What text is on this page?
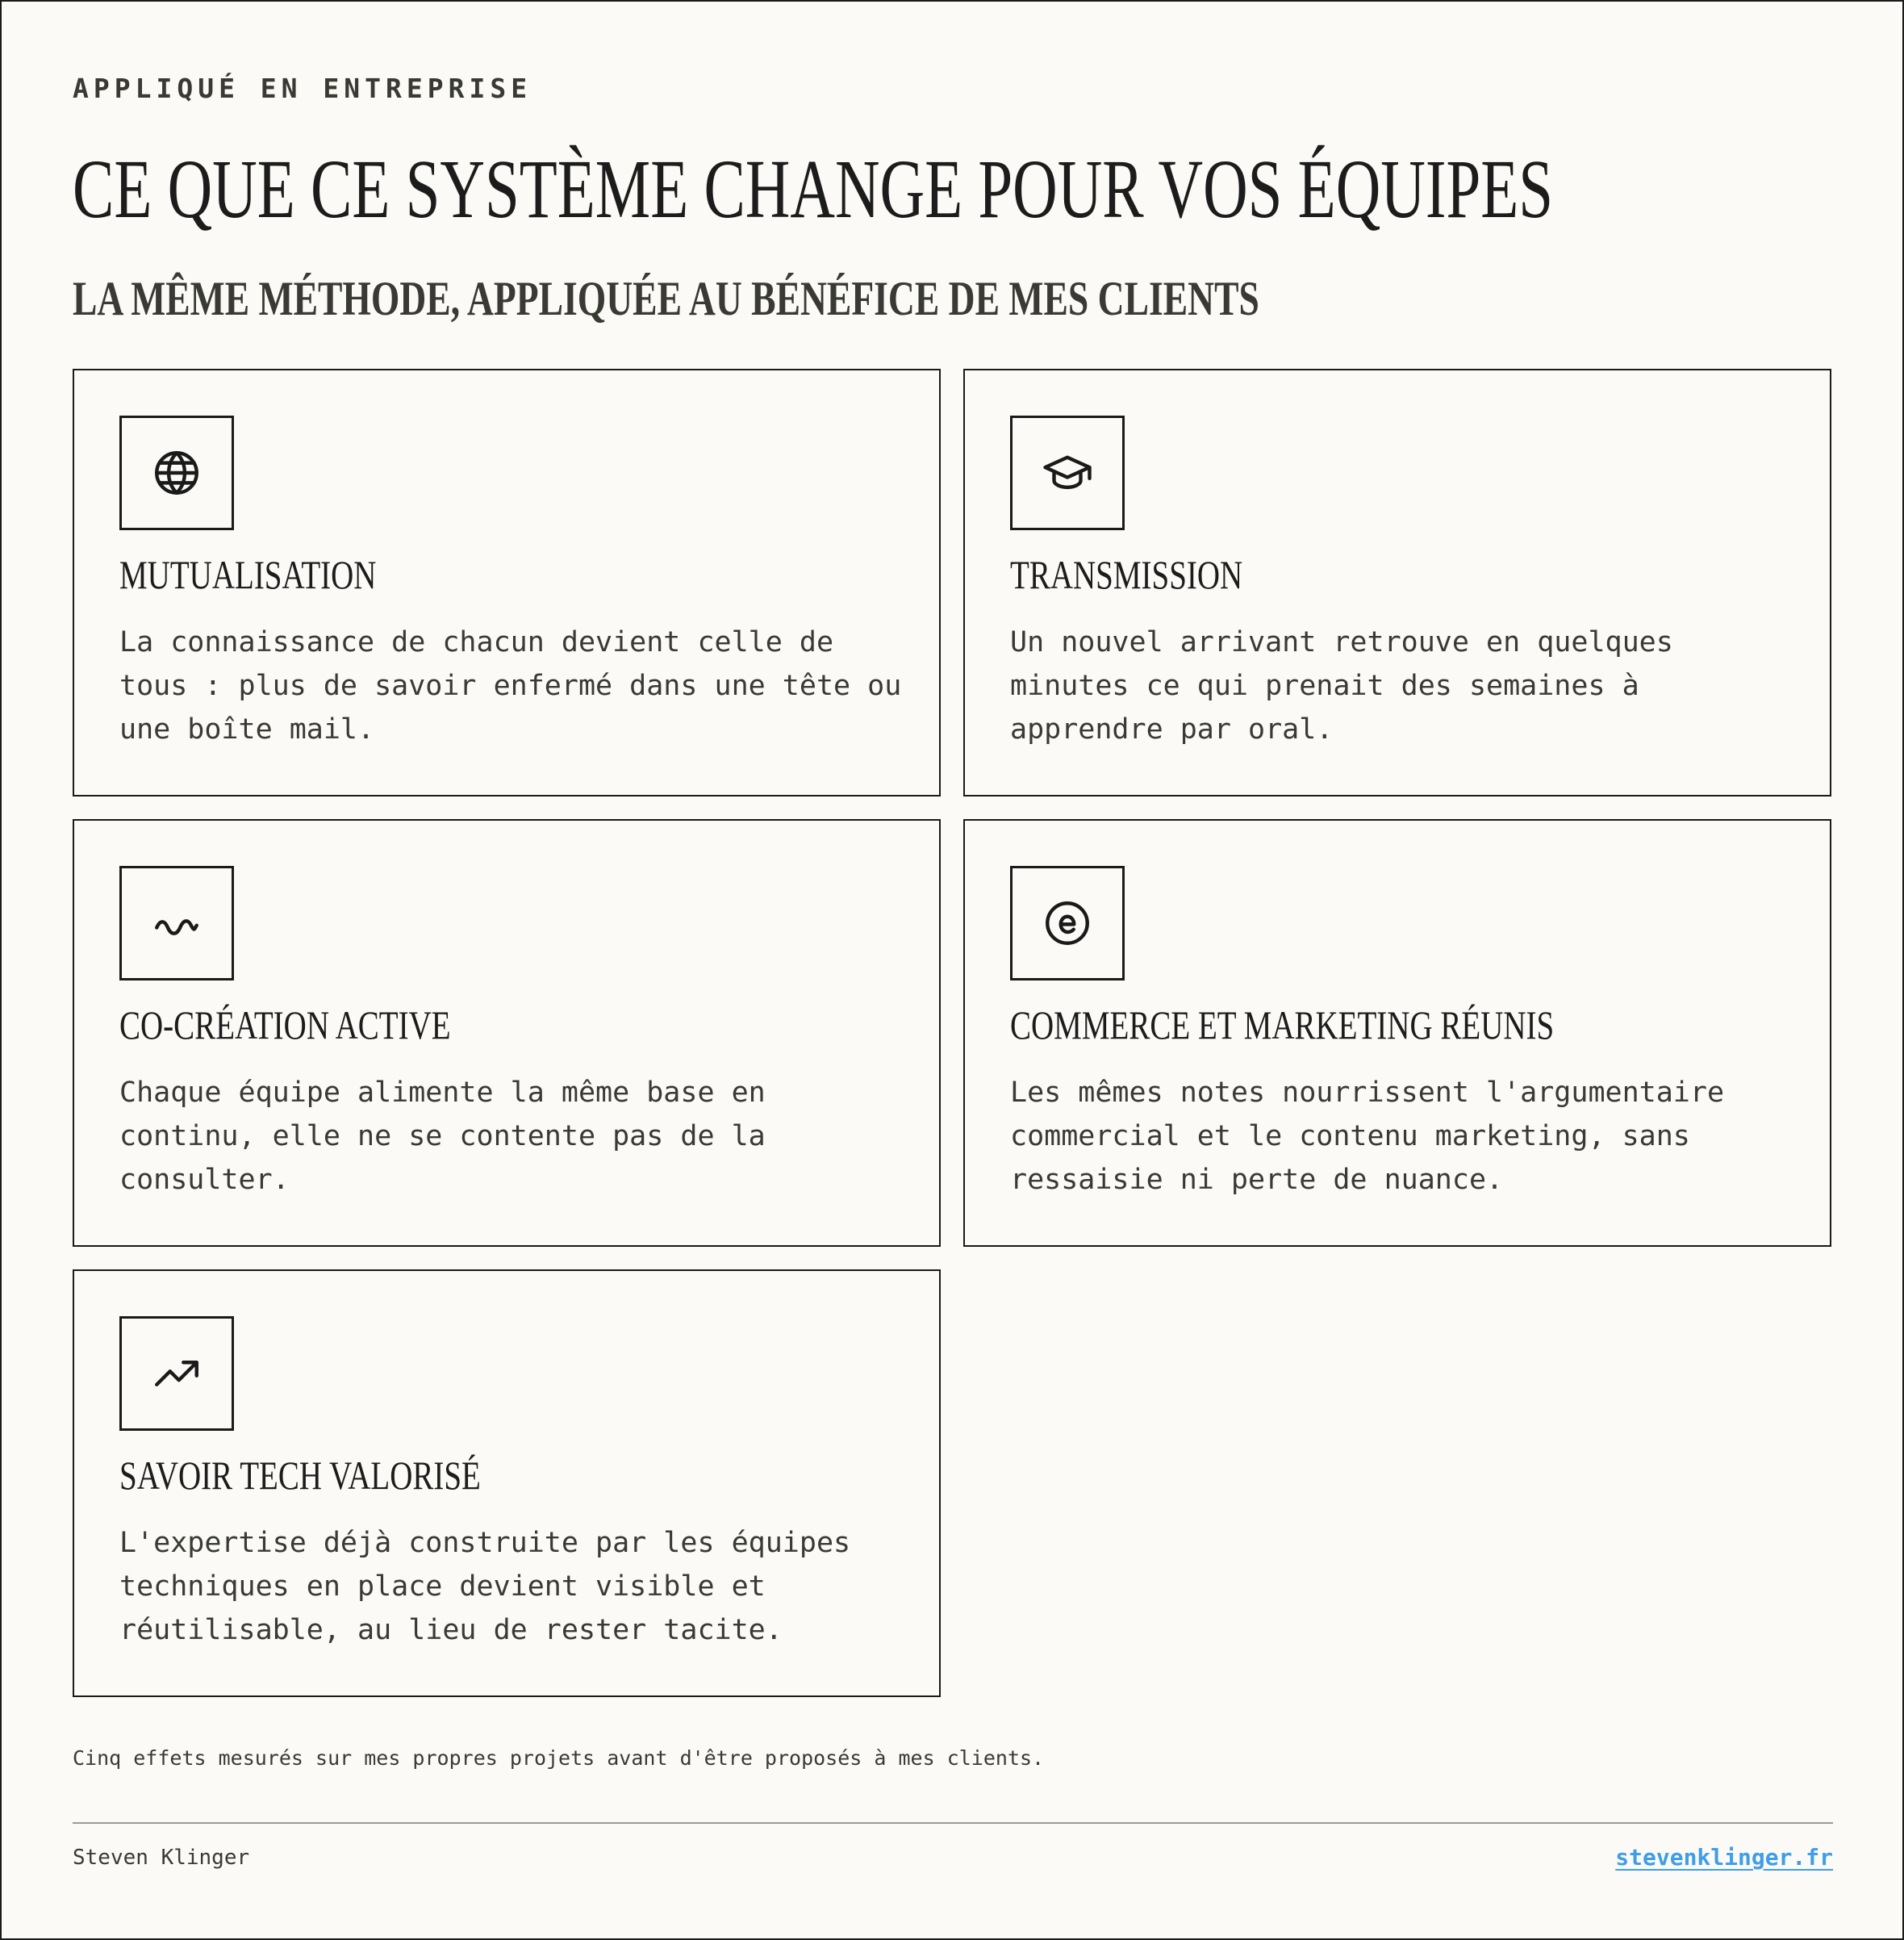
APPLIQUÉ EN ENTREPRISE
CE QUE CE SYSTÈME CHANGE POUR VOS ÉQUIPES
LA MÊME MÉTHODE, APPLIQUÉE AU BÉNÉFICE DE MES CLIENTS
MUTUALISATION

La connaissance de chacun devient celle de tous : plus de savoir enfermé dans une tête ou une boîte mail.

TRANSMISSION

Un nouvel arrivant retrouve en quelques minutes ce qui prenait des semaines à apprendre par oral.

CO-CRÉATION ACTIVE

Chaque équipe alimente la même base en continu, elle ne se contente pas de la consulter.

COMMERCE ET MARKETING RÉUNIS

Les mêmes notes nourrissent l'argumentaire commercial et le contenu marketing, sans ressaisie ni perte de nuance.

SAVOIR TECH VALORISÉ

L'expertise déjà construite par les équipes techniques en place devient visible et réutilisable, au lieu de rester tacite.

Cinq effets mesurés sur mes propres projets avant d'être proposés à mes clients.
Steven Klinger	stevenklinger.fr
